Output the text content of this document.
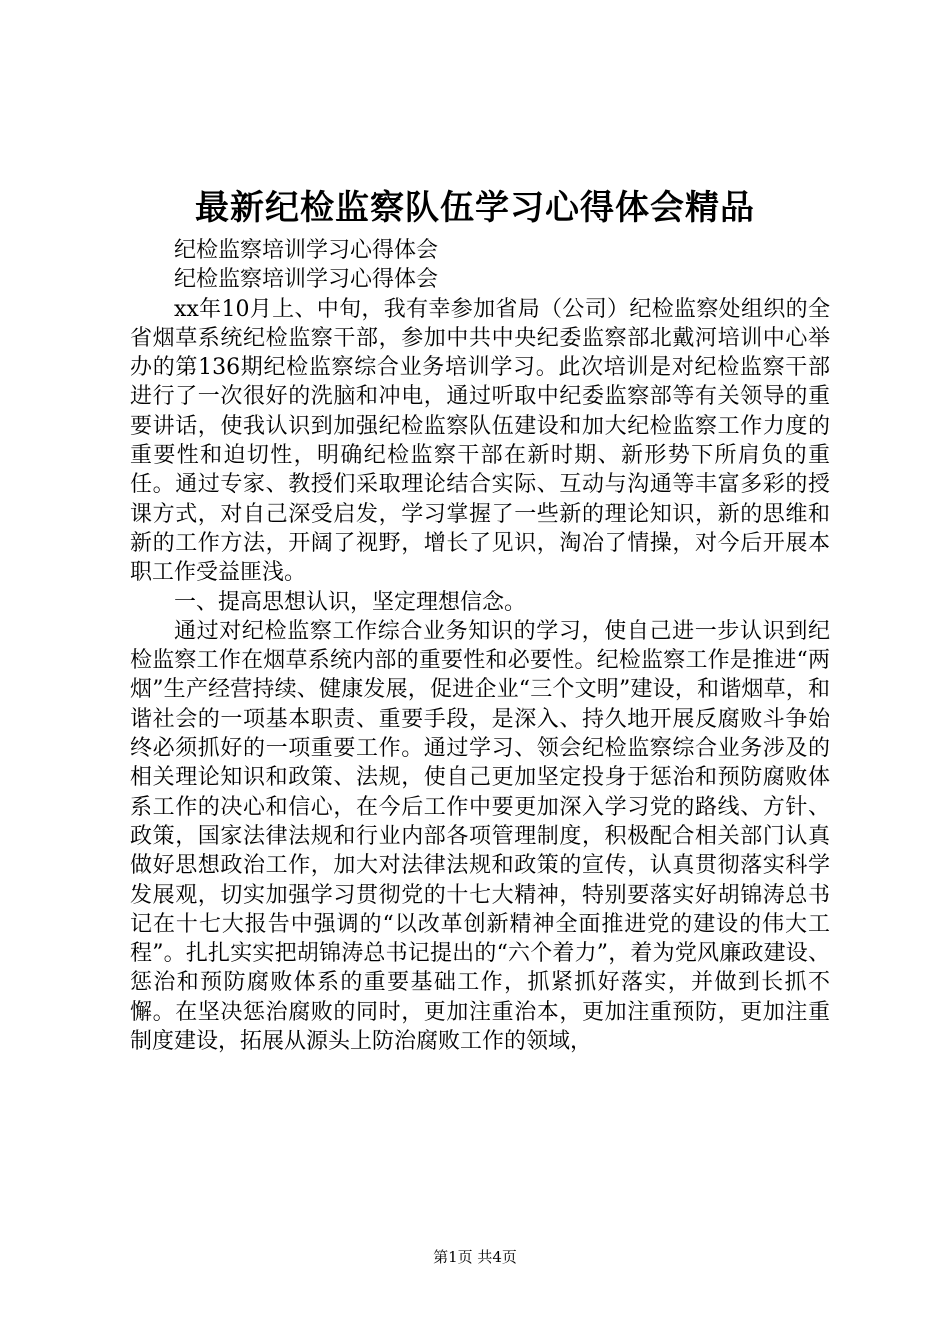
最新纪检监察队伍学习心得体会精品

纪检监察培训学习心得体会

纪检监察培训学习心得体会

xx年10月上、中旬，我有幸参加省局（公司）纪检监察处组织的全省烟草系统纪检监察干部，参加中共中央纪委监察部北戴河培训中心举办的第136期纪检监察综合业务培训学习。此次培训是对纪检监察干部进行了一次很好的洗脑和冲电，通过听取中纪委监察部等有关领导的重要讲话，使我认识到加强纪检监察队伍建设和加大纪检监察工作力度的重要性和迫切性，明确纪检监察干部在新时期、新形势下所肩负的重任。通过专家、教授们采取理论结合实际、互动与沟通等丰富多彩的授课方式，对自己深受启发，学习掌握了一些新的理论知识，新的思维和新的工作方法，开阔了视野，增长了见识，淘冶了情操，对今后开展本职工作受益匪浅。

一、提高思想认识，坚定理想信念。

通过对纪检监察工作综合业务知识的学习，使自己进一步认识到纪检监察工作在烟草系统内部的重要性和必要性。纪检监察工作是推进“两烟”生产经营持续、健康发展，促进企业“三个文明”建设，和谐烟草，和谐社会的一项基本职责、重要手段，是深入、持久地开展反腐败斗争始终必须抓好的一项重要工作。通过学习、领会纪检监察综合业务涉及的相关理论知识和政策、法规，使自己更加坚定投身于惩治和预防腐败体系工作的决心和信心，在今后工作中要更加深入学习党的路线、方针、政策，国家法律法规和行业内部各项管理制度，积极配合相关部门认真做好思想政治工作，加大对法律法规和政策的宣传，认真贯彻落实科学发展观，切实加强学习贯彻党的十七大精神，特别要落实好胡锦涛总书记在十七大报告中强调的“以改革创新精神全面推进党的建设的伟大工程”。扎扎实实把胡锦涛总书记提出的“六个着力”，着为党风廉政建设、惩治和预防腐败体系的重要基础工作，抓紧抓好落实，并做到长抓不懈。在坚决惩治腐败的同时，更加注重治本，更加注重预防，更加注重制度建设，拓展从源头上防治腐败工作的领域，

第1页 共4页
